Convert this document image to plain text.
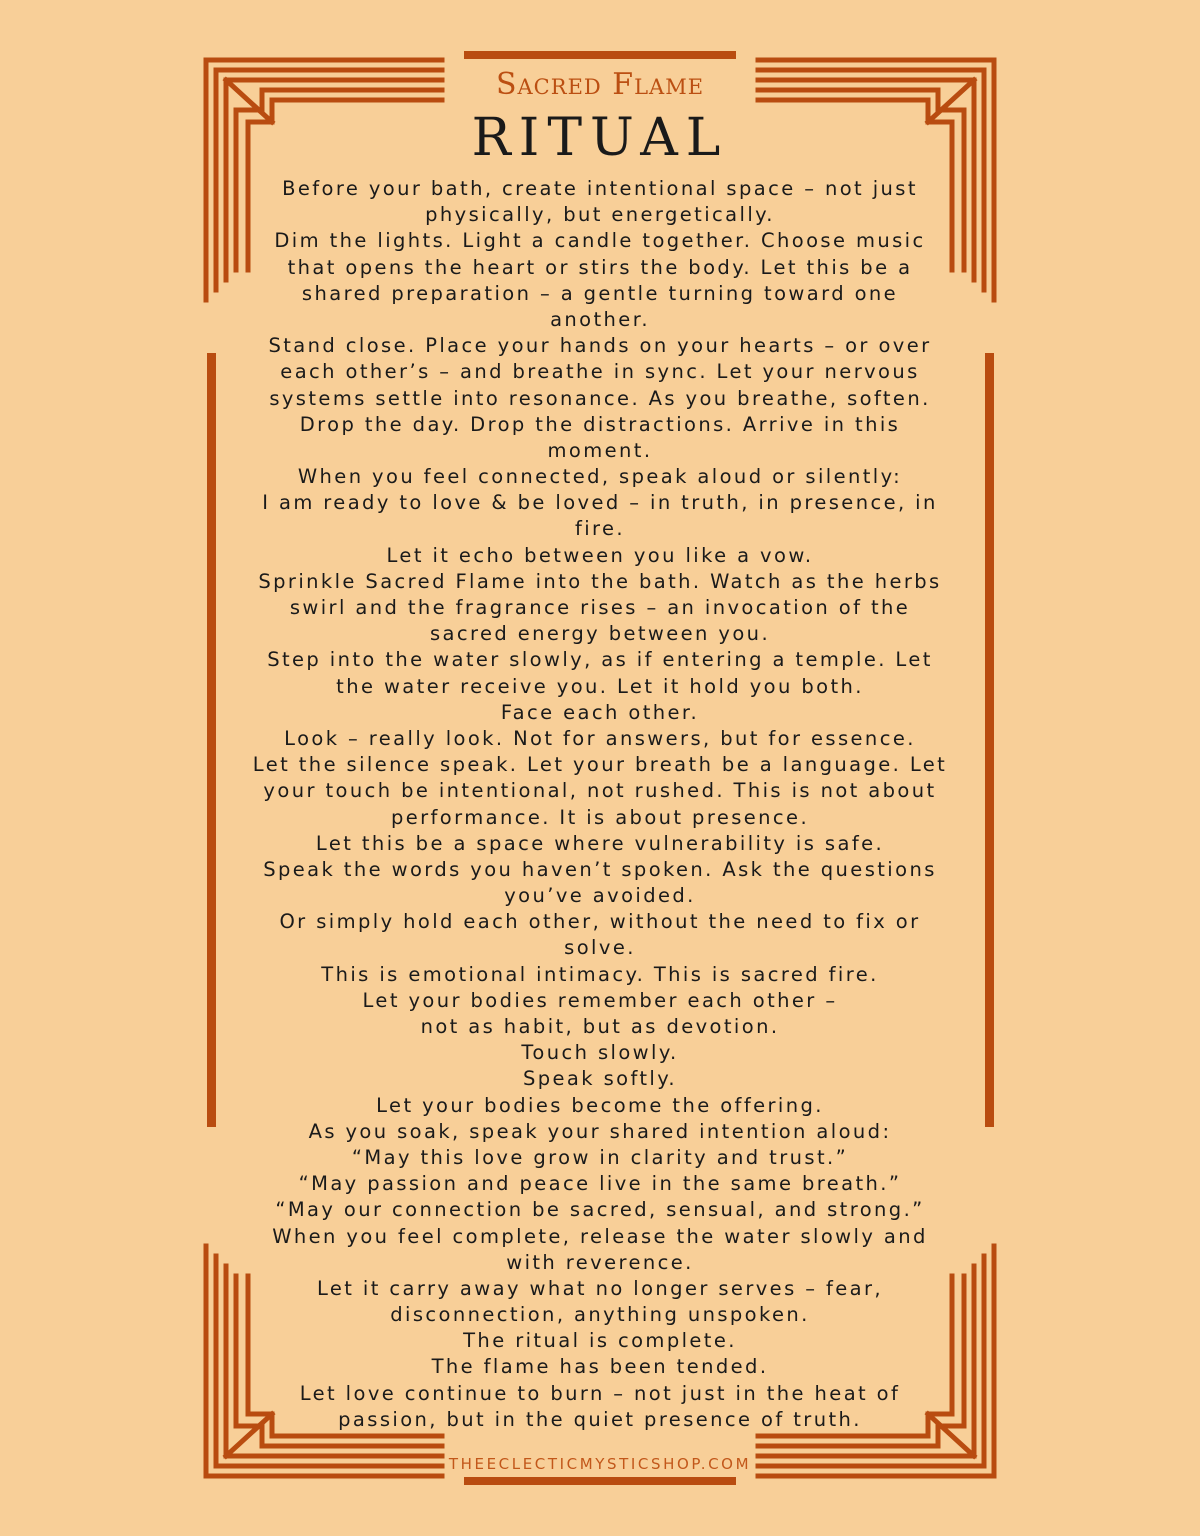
Sacred Flame
RITUAL
Before your bath, create intentional space – not just
physically, but energetically.
Dim the lights. Light a candle together. Choose music
that opens the heart or stirs the body. Let this be a
shared preparation – a gentle turning toward one
another.
Stand close. Place your hands on your hearts – or over
each other’s – and breathe in sync. Let your nervous
systems settle into resonance. As you breathe, soften.
Drop the day. Drop the distractions. Arrive in this
moment.
When you feel connected, speak aloud or silently:
I am ready to love & be loved – in truth, in presence, in
fire.
Let it echo between you like a vow.
Sprinkle Sacred Flame into the bath. Watch as the herbs
swirl and the fragrance rises – an invocation of the
sacred energy between you.
Step into the water slowly, as if entering a temple. Let
the water receive you. Let it hold you both.
Face each other.
Look – really look. Not for answers, but for essence.
Let the silence speak. Let your breath be a language. Let
your touch be intentional, not rushed. This is not about
performance. It is about presence.
Let this be a space where vulnerability is safe.
Speak the words you haven’t spoken. Ask the questions
you’ve avoided.
Or simply hold each other, without the need to fix or
solve.
This is emotional intimacy. This is sacred fire.
Let your bodies remember each other –
not as habit, but as devotion.
Touch slowly.
Speak softly.
Let your bodies become the offering.
As you soak, speak your shared intention aloud:
“May this love grow in clarity and trust.”
“May passion and peace live in the same breath.”
“May our connection be sacred, sensual, and strong.”
When you feel complete, release the water slowly and
with reverence.
Let it carry away what no longer serves – fear,
disconnection, anything unspoken.
The ritual is complete.
The flame has been tended.
Let love continue to burn – not just in the heat of
passion, but in the quiet presence of truth.
THEECLECTICMYSTICSHOP.COM
